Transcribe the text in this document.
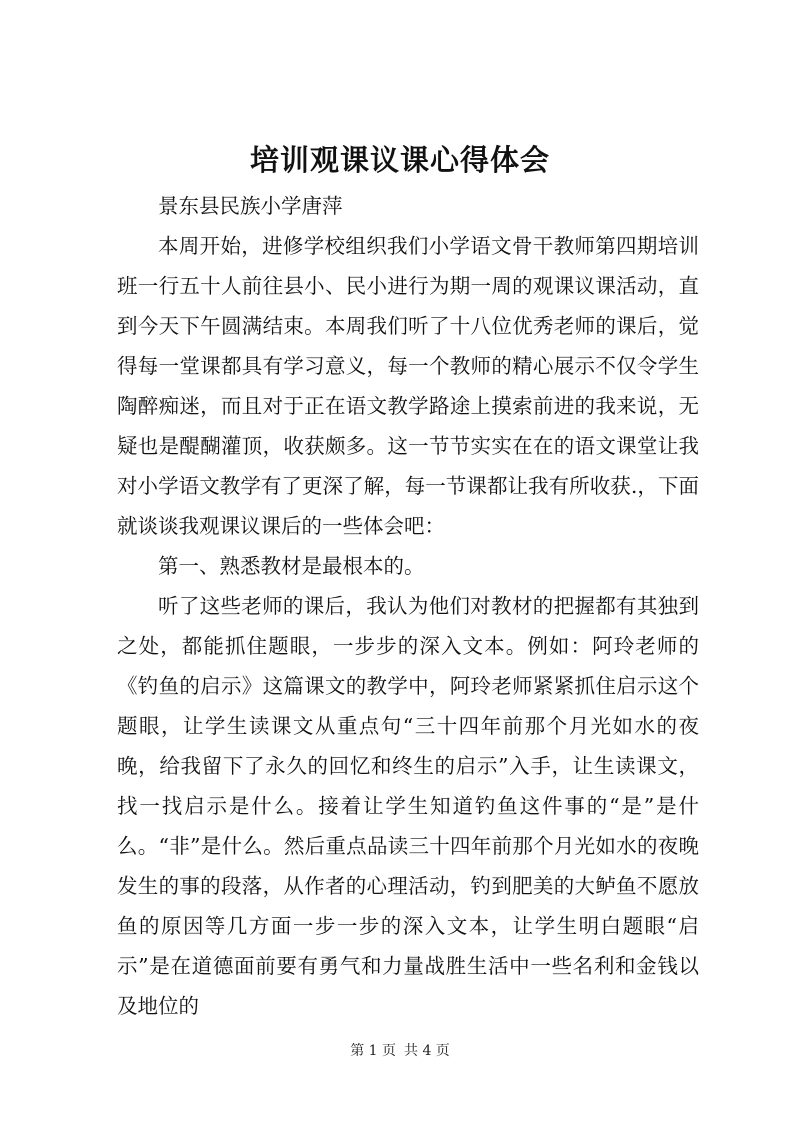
培训观课议课心得体会

景东县民族小学唐萍

本周开始，进修学校组织我们小学语文骨干教师第四期培训班一行五十人前往县小、民小进行为期一周的观课议课活动，直到今天下午圆满结束。本周我们听了十八位优秀老师的课后，觉得每一堂课都具有学习意义，每一个教师的精心展示不仅令学生陶醉痴迷，而且对于正在语文教学路途上摸索前进的我来说，无疑也是醍醐灌顶，收获颇多。这一节节实实在在的语文课堂让我对小学语文教学有了更深了解，每一节课都让我有所收获.，下面就谈谈我观课议课后的一些体会吧：

第一、熟悉教材是最根本的。

听了这些老师的课后，我认为他们对教材的把握都有其独到之处，都能抓住题眼，一步步的深入文本。例如：阿玲老师的《钓鱼的启示》这篇课文的教学中，阿玲老师紧紧抓住启示这个题眼，让学生读课文从重点句“三十四年前那个月光如水的夜晚，给我留下了永久的回忆和终生的启示”入手，让生读课文，找一找启示是什么。接着让学生知道钓鱼这件事的“是”是什么。“非”是什么。然后重点品读三十四年前那个月光如水的夜晚发生的事的段落，从作者的心理活动，钓到肥美的大鲈鱼不愿放鱼的原因等几方面一步一步的深入文本，让学生明白题眼“启示”是在道德面前要有勇气和力量战胜生活中一些名利和金钱以及地位的

第 1 页 共 4 页
